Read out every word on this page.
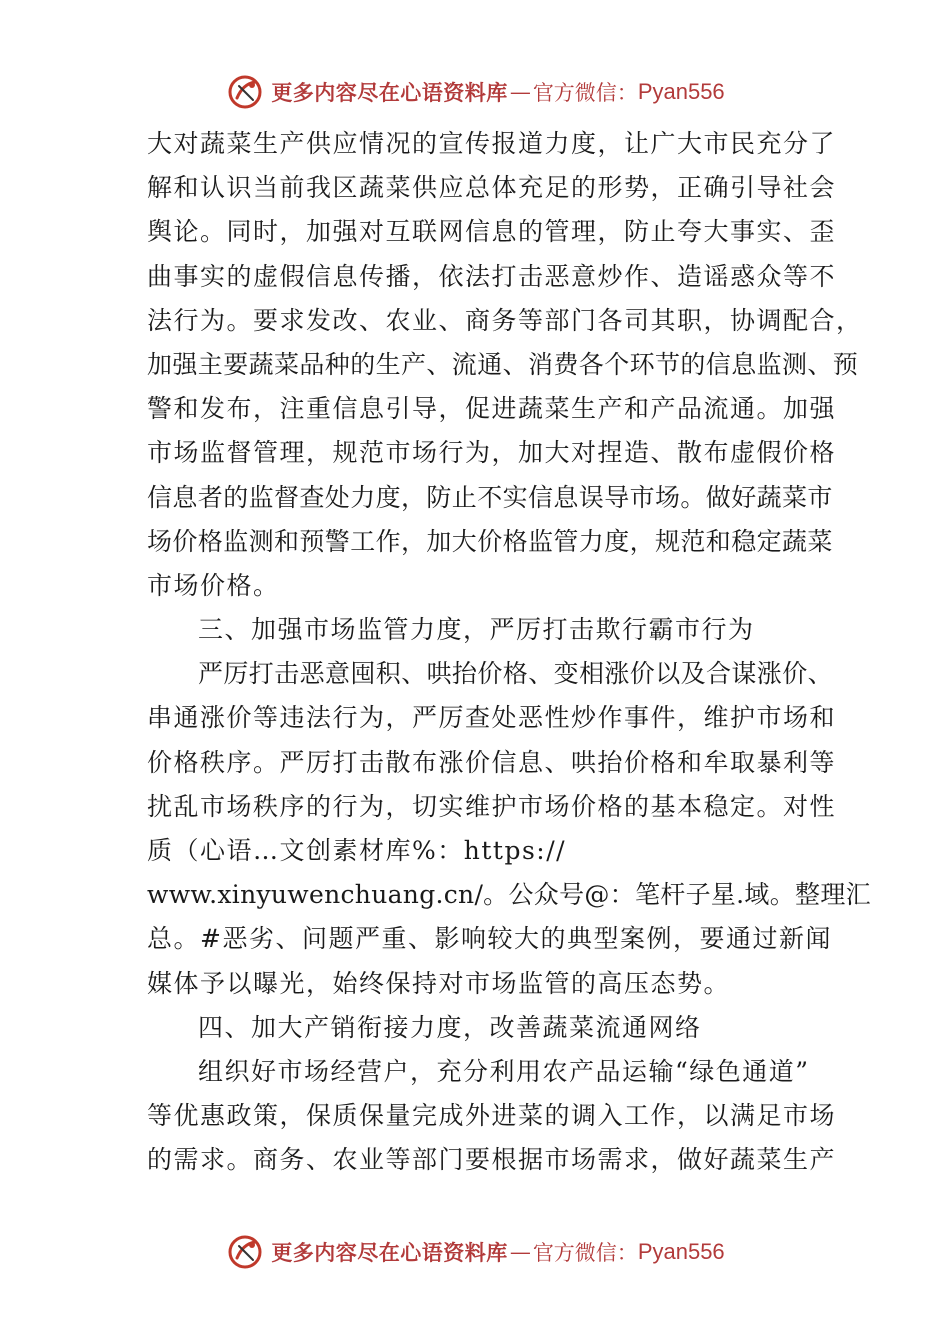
更多内容尽在心语资料库 — 官方微信： Pyan556
大对蔬菜生产供应情况的宣传报道力度，让广大市民充分了
解和认识当前我区蔬菜供应总体充足的形势，正确引导社会
舆论。同时，加强对互联网信息的管理，防止夸大事实、歪
曲事实的虚假信息传播，依法打击恶意炒作、造谣惑众等不
法行为。要求发改、农业、商务等部门各司其职，协调配合，
加强主要蔬菜品种的生产、流通、消费各个环节的信息监测、预
警和发布，注重信息引导，促进蔬菜生产和产品流通。加强
市场监督管理，规范市场行为，加大对捏造、散布虚假价格
信息者的监督查处力度，防止不实信息误导市场。做好蔬菜市
场价格监测和预警工作，加大价格监管力度，规范和稳定蔬菜
市场价格。
三、加强市场监管力度，严厉打击欺行霸市行为
严厉打击恶意囤积、哄抬价格、变相涨价以及合谋涨价、
串通涨价等违法行为，严厉查处恶性炒作事件，维护市场和
价格秩序。严厉打击散布涨价信息、哄抬价格和牟取暴利等
扰乱市场秩序的行为，切实维护市场价格的基本稳定。对性
质（心语…文创素材库%：https://
www.xinyuwenchuang.cn/。公众号@：笔杆子星.域。整理汇
总。#恶劣、问题严重、影响较大的典型案例，要通过新闻
媒体予以曝光，始终保持对市场监管的高压态势。
四、加大产销衔接力度，改善蔬菜流通网络
组织好市场经营户，充分利用农产品运输“绿色通道”
等优惠政策，保质保量完成外进菜的调入工作，以满足市场
的需求。商务、农业等部门要根据市场需求，做好蔬菜生产
更多内容尽在心语资料库 — 官方微信： Pyan556
